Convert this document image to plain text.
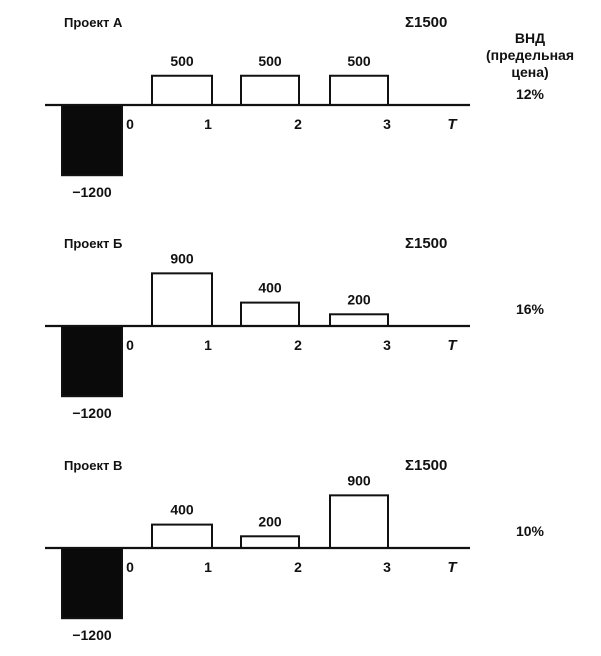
ВНД
(предельная
цена)
Проект А	Σ1500
−1200
500	500	500
0	1	2	3	T
12%
Проект Б	Σ1500
−1200
900
400
200
0	1	2	3	T
16%
Проект В	Σ1500
−1200
400
200
900
0	1	2	3	T
10%
